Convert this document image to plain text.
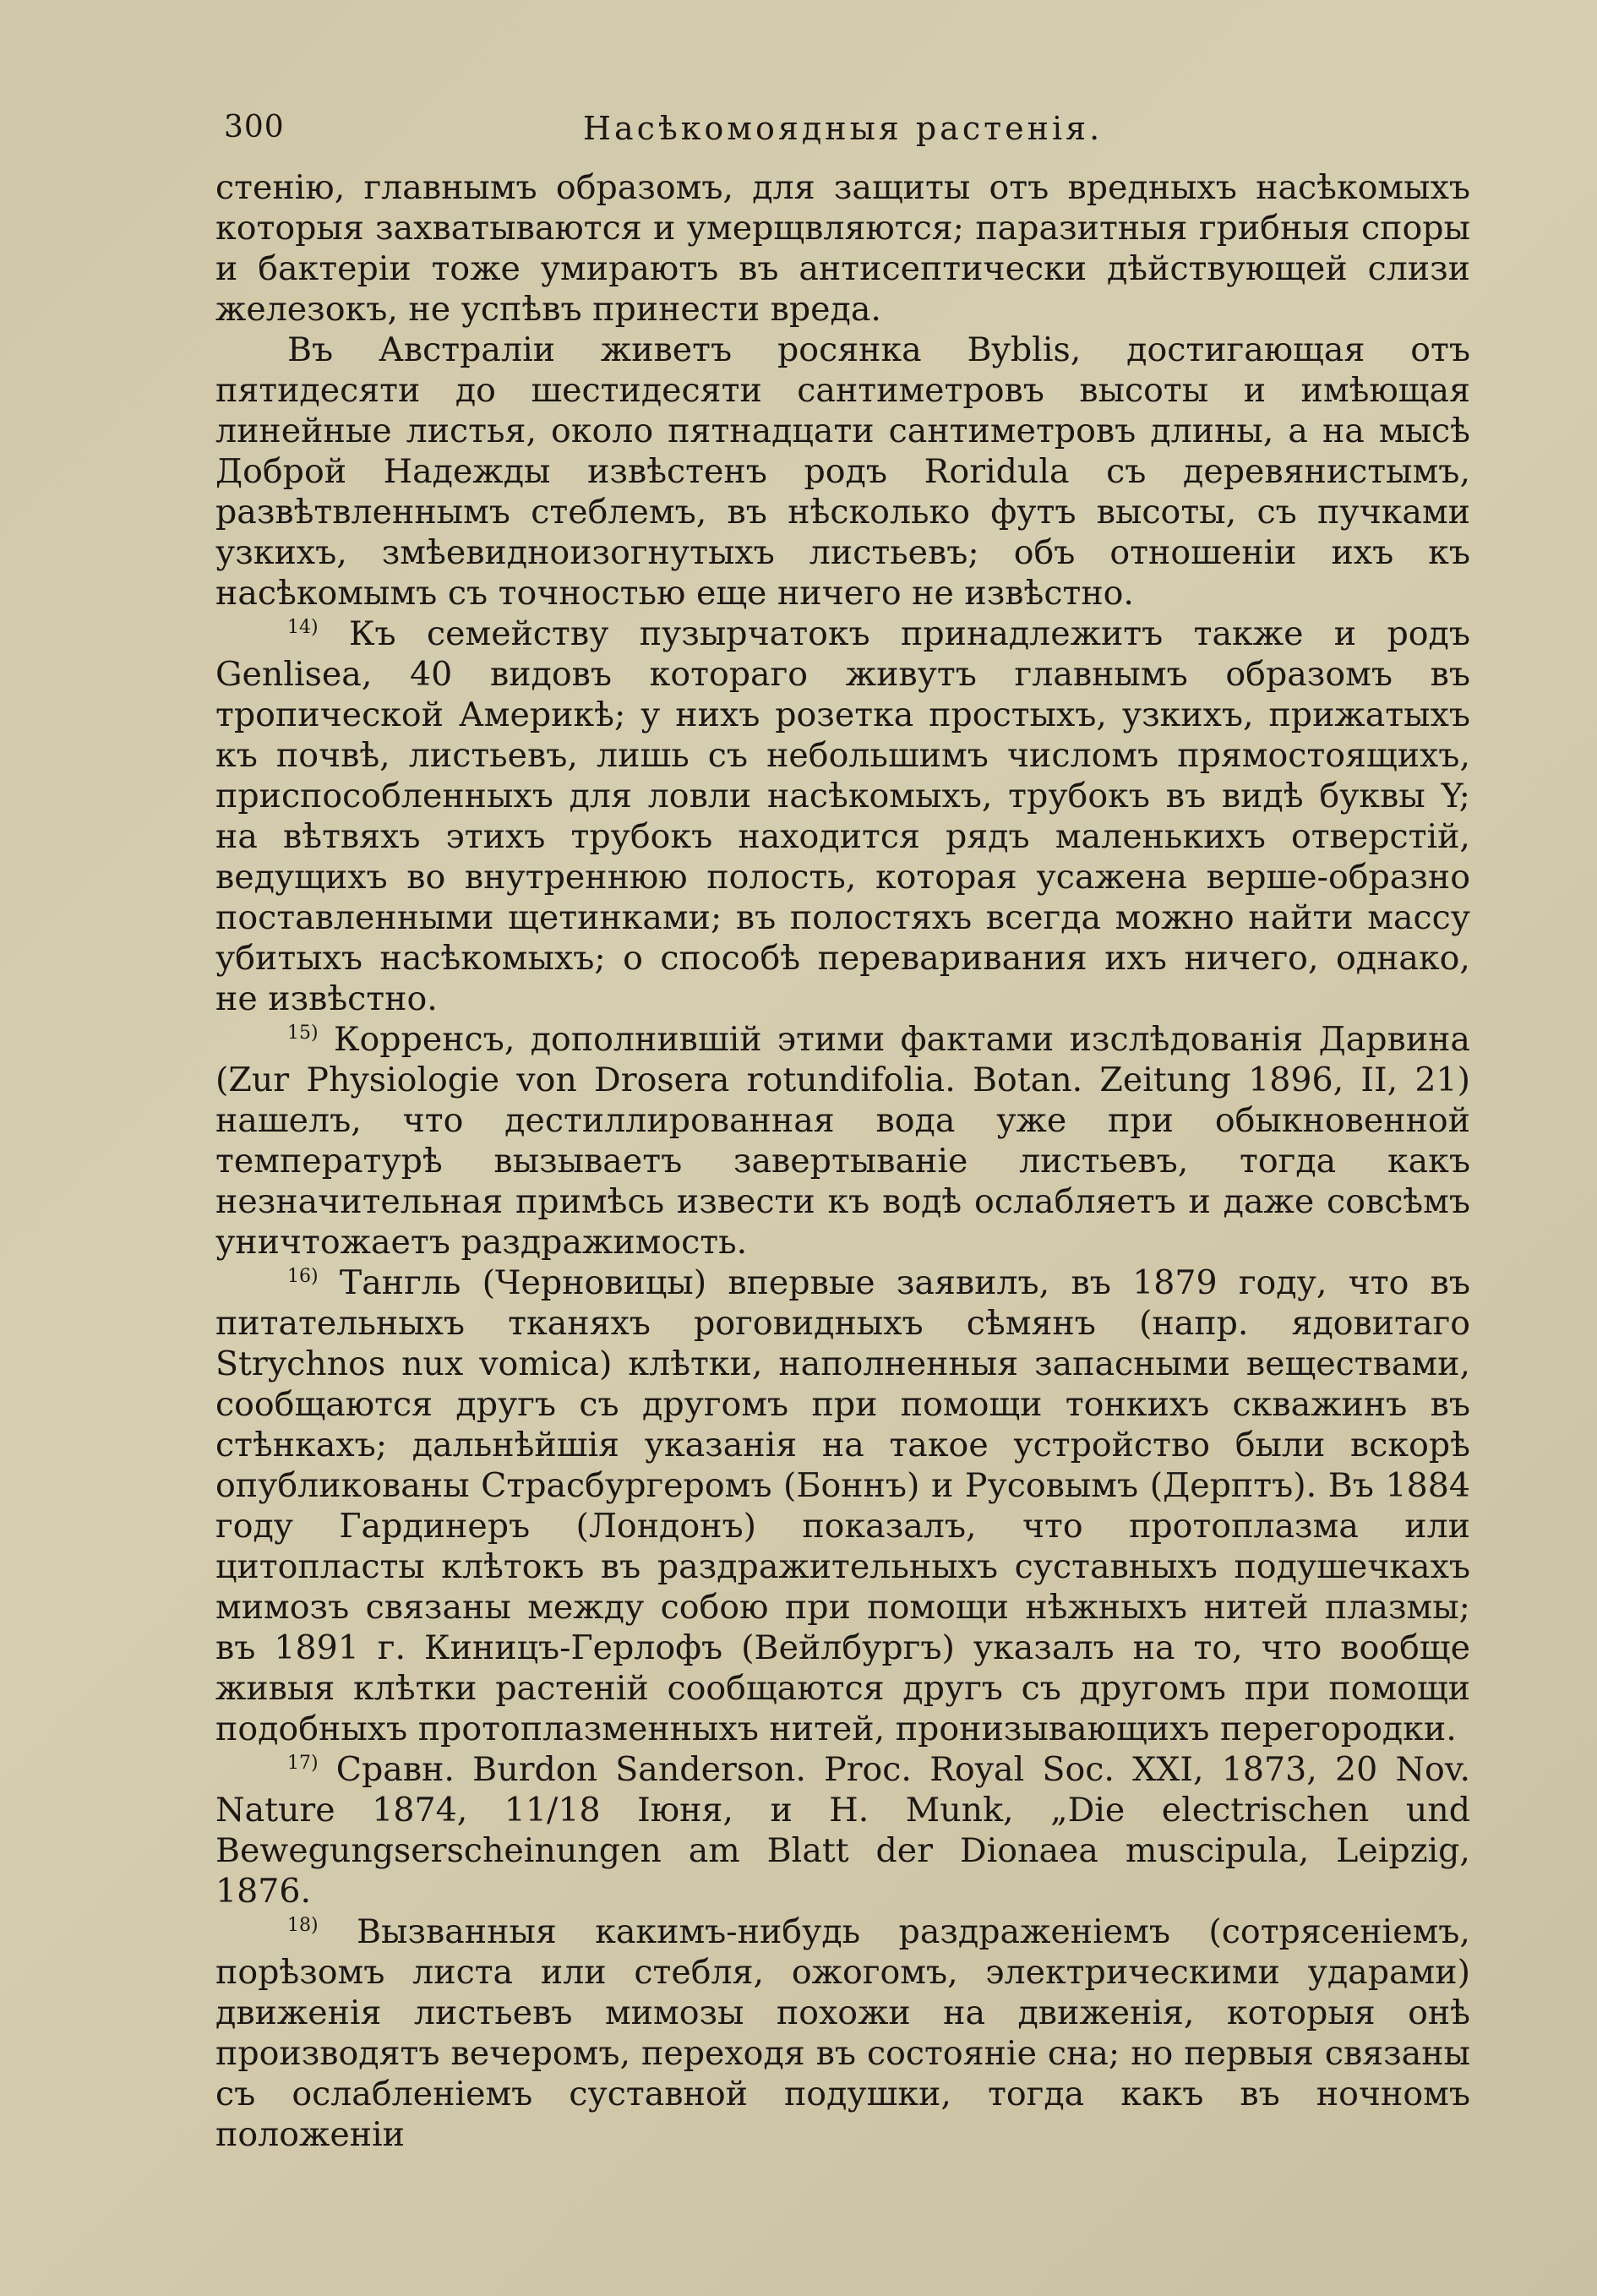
300	Насѣкомоядныя растенія.

стенію, главнымъ образомъ, для защиты отъ вредныхъ насѣкомыхъ которыя захватываются и умерщвляются; паразитныя грибныя споры и бактеріи тоже умираютъ въ антисептически дѣйствующей слизи железокъ, не успѣвъ принести вреда.

Въ Австраліи живетъ росянка Byblis, достигающая отъ пятидесяти до шестидесяти сантиметровъ высоты и имѣющая линейные листья, около пятнадцати сантиметровъ длины, а на мысѣ Доброй Надежды извѣстенъ родъ Roridula съ деревянистымъ, развѣтвленнымъ стеблемъ, въ нѣсколько футъ высоты, съ пучками узкихъ, змѣевидноизогнутыхъ листьевъ; объ отношеніи ихъ къ насѣкомымъ съ точностью еще ничего не извѣстно.

$^{14)}$ Къ семейству пузырчатокъ принадлежитъ также и родъ Genlisea, 40 видовъ котораго живутъ главнымъ образомъ въ тропической Америкѣ; у нихъ розетка простыхъ, узкихъ, прижатыхъ къ почвѣ, листьевъ, лишь съ небольшимъ числомъ прямостоящихъ, приспособленныхъ для ловли насѣкомыхъ, трубокъ въ видѣ буквы Y; на вѣтвяхъ этихъ трубокъ находится рядъ маленькихъ отверстій, ведущихъ во внутреннюю полость, которая усажена верше-образно поставленными щетинками; въ полостяхъ всегда можно найти массу убитыхъ насѣкомыхъ; о способѣ переваривания ихъ ничего, однако, не извѣстно.

$^{15)}$ Корренсъ, дополнившій этими фактами изслѣдованія Дарвина (Zur Physiologie von Drosera rotundifolia. Botan. Zeitung 1896, II, 21) нашелъ, что дестиллированная вода уже при обыкновенной температурѣ вызываетъ завертываніе листьевъ, тогда какъ незначительная примѣсь извести къ водѣ ослабляетъ и даже совсѣмъ уничтожаетъ раздражимость.

$^{16)}$ Тангль (Черновицы) впервые заявилъ, въ 1879 году, что въ питательныхъ тканяхъ роговидныхъ сѣмянъ (напр. ядовитаго Strychnos nux vomica) клѣтки, наполненныя запасными веществами, сообщаются другъ съ другомъ при помощи тонкихъ скважинъ въ стѣнкахъ; дальнѣйшія указанія на такое устройство были вскорѣ опубликованы Страсбургеромъ (Боннъ) и Русовымъ (Дерптъ). Въ 1884 году Гардинеръ (Лондонъ) показалъ, что протоплазма или цитопласты клѣтокъ въ раздражительныхъ суставныхъ подушечкахъ мимозъ связаны между собою при помощи нѣжныхъ нитей плазмы; въ 1891 г. Киницъ-Герлофъ (Вейлбургъ) указалъ на то, что вообще живыя клѣтки растеній сообщаются другъ съ другомъ при помощи подобныхъ протоплазменныхъ нитей, пронизывающихъ перегородки.

$^{17)}$ Сравн. Burdon Sanderson. Proc. Royal Soc. XXI, 1873, 20 Nov. Nature 1874, 11/18 Іюня, и H. Munk, „Die electrischen und Bewegungserscheinungen am Blatt der Dionaea muscipula, Leipzig, 1876.

$^{18)}$ Вызванныя какимъ-нибудь раздраженіемъ (сотрясеніемъ, порѣзомъ листа или стебля, ожогомъ, электрическими ударами) движенія листьевъ мимозы похожи на движенія, которыя онѣ производятъ вечеромъ, переходя въ состояніе сна; но первыя связаны съ ослабленіемъ суставной подушки, тогда какъ въ ночномъ положеніи
